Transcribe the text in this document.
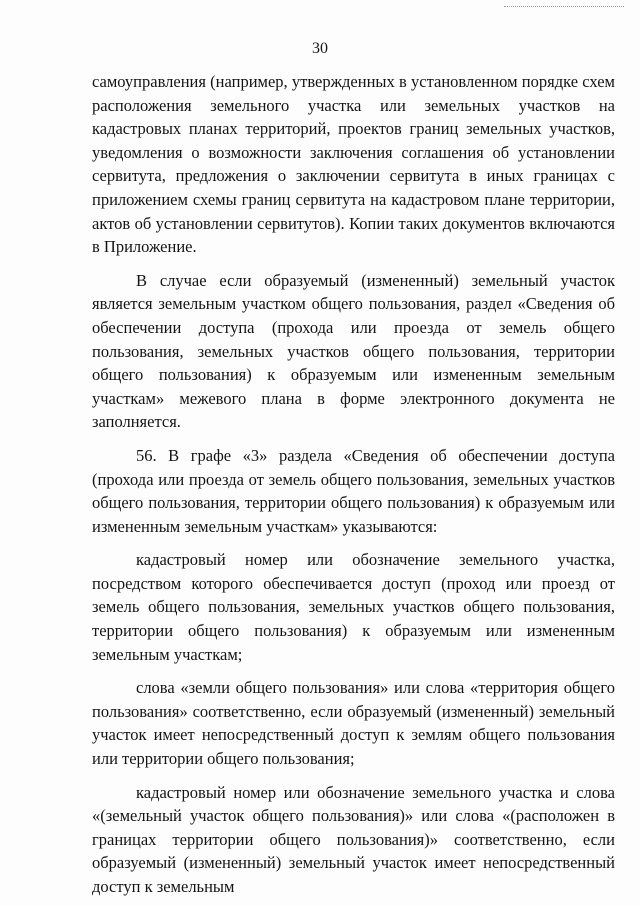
30

самоуправления (например, утвержденных в установленном порядке схем расположения земельного участка или земельных участков на кадастровых планах территорий, проектов границ земельных участков, уведомления о возможности заключения соглашения об установлении сервитута, предложения о заключении сервитута в иных границах с приложением схемы границ сервитута на кадастровом плане территории, актов об установлении сервитутов). Копии таких документов включаются в Приложение.

В случае если образуемый (измененный) земельный участок является земельным участком общего пользования, раздел «Сведения об обеспечении доступа (прохода или проезда от земель общего пользования, земельных участков общего пользования, территории общего пользования) к образуемым или измененным земельным участкам» межевого плана в форме электронного документа не заполняется.

56. В графе «3» раздела «Сведения об обеспечении доступа (прохода или проезда от земель общего пользования, земельных участков общего пользования, территории общего пользования) к образуемым или измененным земельным участкам» указываются:

кадастровый номер или обозначение земельного участка, посредством которого обеспечивается доступ (проход или проезд от земель общего пользования, земельных участков общего пользования, территории общего пользования) к образуемым или измененным земельным участкам;

слова «земли общего пользования» или слова «территория общего пользования» соответственно, если образуемый (измененный) земельный участок имеет непосредственный доступ к землям общего пользования или территории общего пользования;

кадастровый номер или обозначение земельного участка и слова «(земельный участок общего пользования)» или слова «(расположен в границах территории общего пользования)» соответственно, если образуемый (измененный) земельный участок имеет непосредственный доступ к земельным
